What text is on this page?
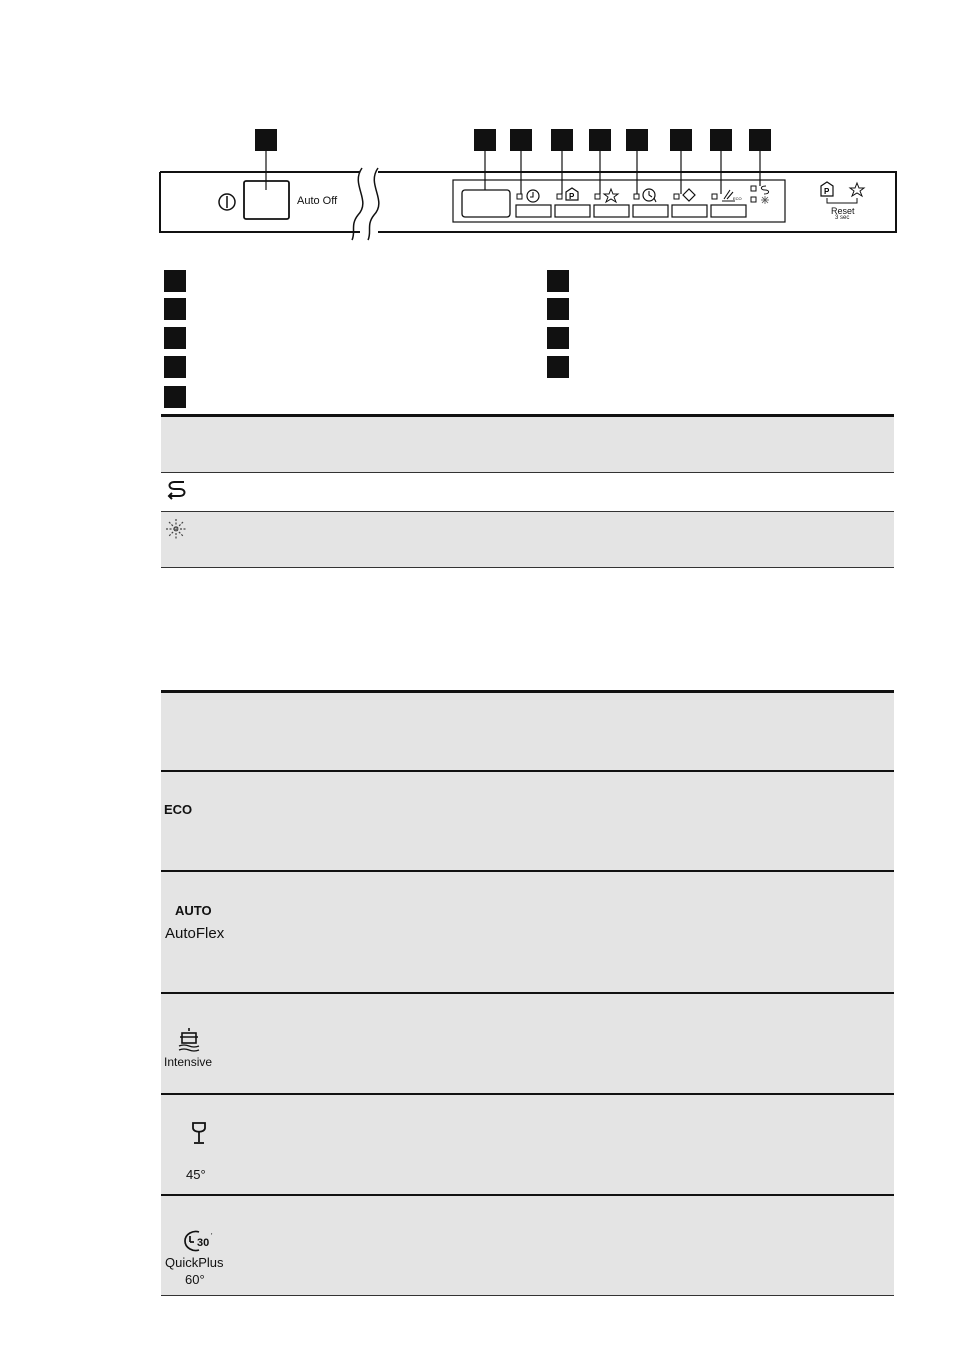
P	ECO
P
Auto Off
Reset
3 sec
ECO
AUTO
AutoFlex
Intensive
45°
30
′
QuickPlus
60°
